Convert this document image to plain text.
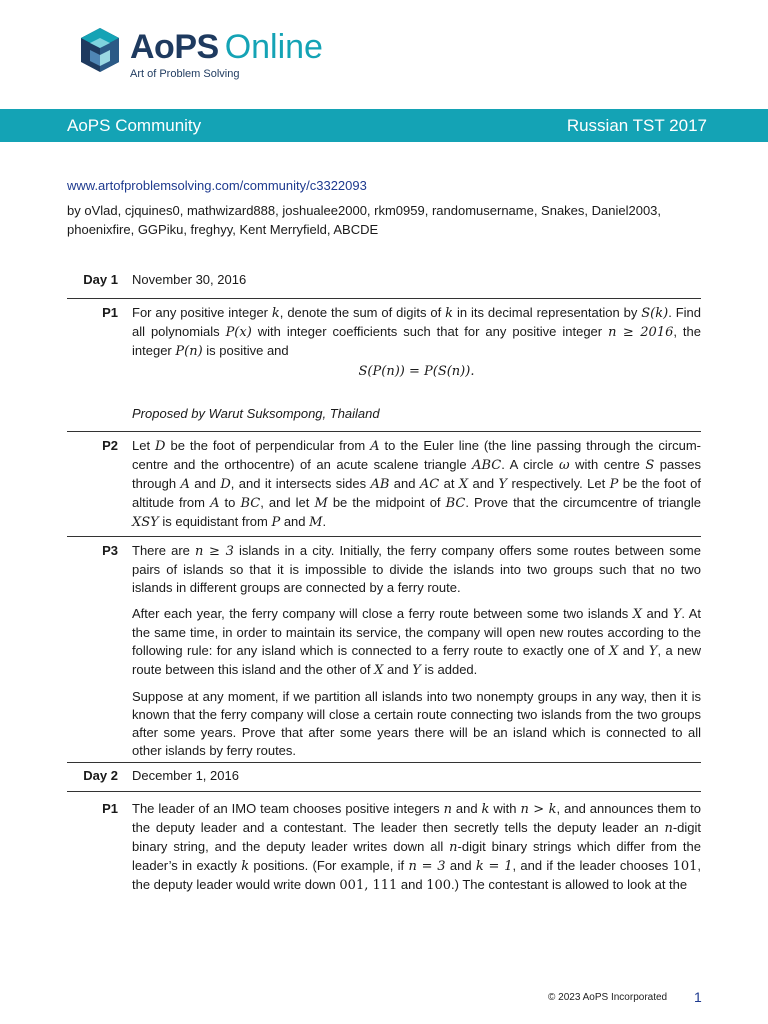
AoPS Online
Art of Problem Solving
AoPS Community	Russian TST 2017
www.artofproblemsolving.com/community/c3322093
by oVlad, cjquines0, mathwizard888, joshualee2000, rkm0959, randomusername, Snakes, Daniel2003, phoenixfire, GGPiku, freghyy, Kent Merryfield, ABCDE
Day 1	November 30, 2016
P1	For any positive integer k, denote the sum of digits of k in its decimal representation by S(k). Find all polynomials P(x) with integer coefficients such that for any positive integer n ≥ 2016, the integer P(n) is positive and

S(P(n)) = P(S(n)).
Proposed by Warut Suksompong, Thailand
P2	Let D be the foot of perpendicular from A to the Euler line (the line passing through the circum-centre and the orthocentre) of an acute scalene triangle ABC. A circle ω with centre S passes through A and D, and it intersects sides AB and AC at X and Y respectively. Let P be the foot of altitude from A to BC, and let M be the midpoint of BC. Prove that the circumcentre of triangle XSY is equidistant from P and M.

P3	There are n ≥ 3 islands in a city. Initially, the ferry company offers some routes between some pairs of islands so that it is impossible to divide the islands into two groups such that no two islands in different groups are connected by a ferry route.

After each year, the ferry company will close a ferry route between some two islands X and Y. At the same time, in order to maintain its service, the company will open new routes according to the following rule: for any island which is connected to a ferry route to exactly one of X and Y, a new route between this island and the other of X and Y is added.

Suppose at any moment, if we partition all islands into two nonempty groups in any way, then it is known that the ferry company will close a certain route connecting two islands from the two groups after some years. Prove that after some years there will be an island which is connected to all other islands by ferry routes.

Day 2	December 1, 2016
P1	The leader of an IMO team chooses positive integers n and k with n > k, and announces them to the deputy leader and a contestant. The leader then secretly tells the deputy leader an n-digit binary string, and the deputy leader writes down all n-digit binary strings which differ from the leader’s in exactly k positions. (For example, if n = 3 and k = 1, and if the leader chooses 101, the deputy leader would write down 001, 111 and 100.) The contestant is allowed to look at the

© 2023 AoPS Incorporated 1
